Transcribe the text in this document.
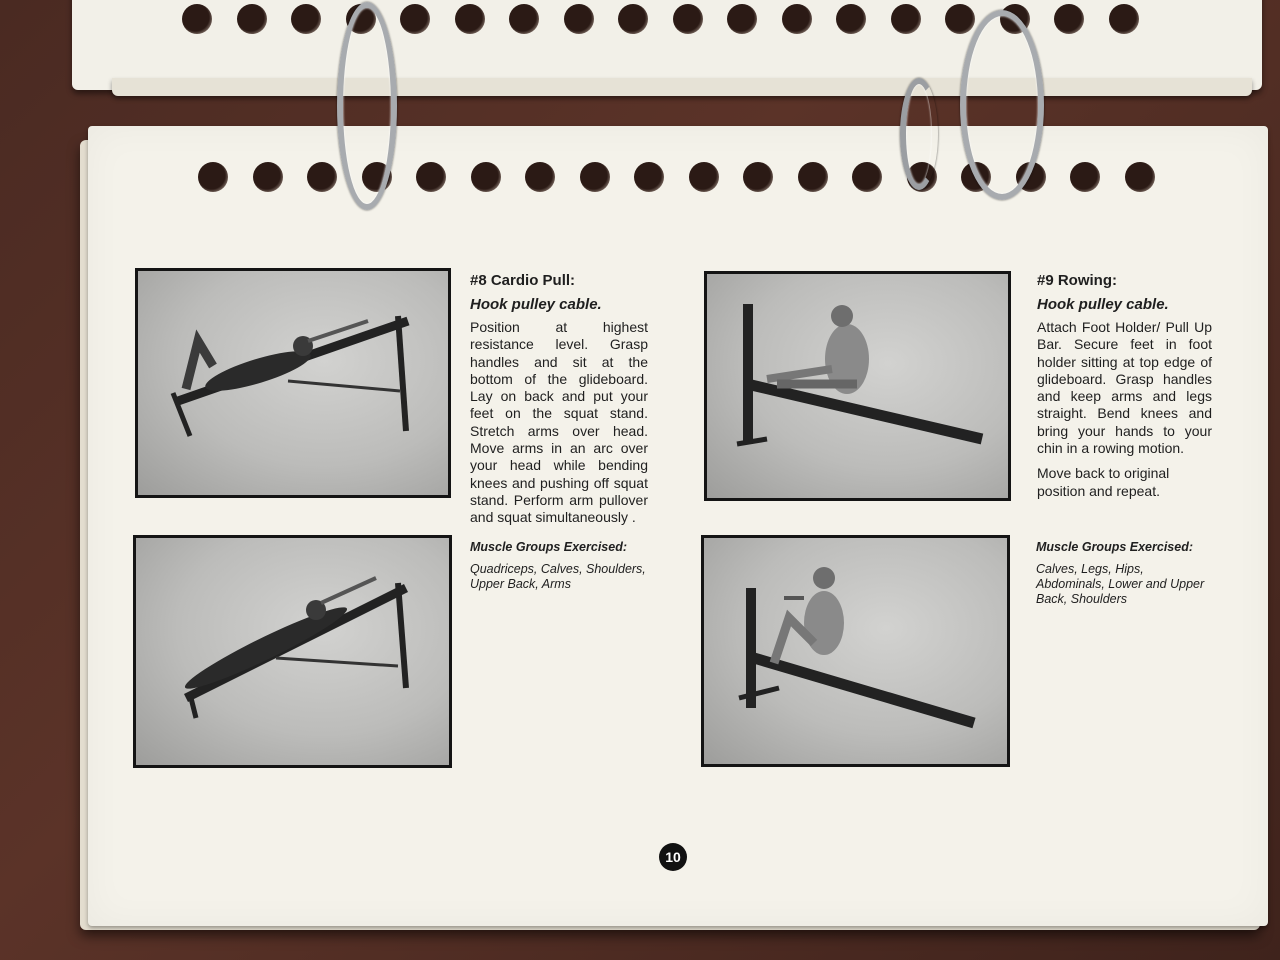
#8 Cardio Pull:

Hook pulley cable.

Position at highest resistance level. Grasp handles and sit at the bottom of the glideboard. Lay on back and put your feet on the squat stand. Stretch arms over head. Move arms in an arc over your head while bending knees and pushing off squat stand. Perform arm pullover and squat simultaneously .

Muscle Groups Exercised:

Quadriceps, Calves, Shoulders, Upper Back, Arms

#9 Rowing:

Hook pulley cable.

Attach Foot Holder/ Pull Up Bar. Secure feet in foot holder sitting at top edge of glideboard. Grasp handles and keep arms and legs straight. Bend knees and bring your hands to your chin in a rowing motion.

Move back to original position and repeat.

Muscle Groups Exercised:

Calves, Legs, Hips, Abdominals, Lower and Upper Back, Shoulders

10
